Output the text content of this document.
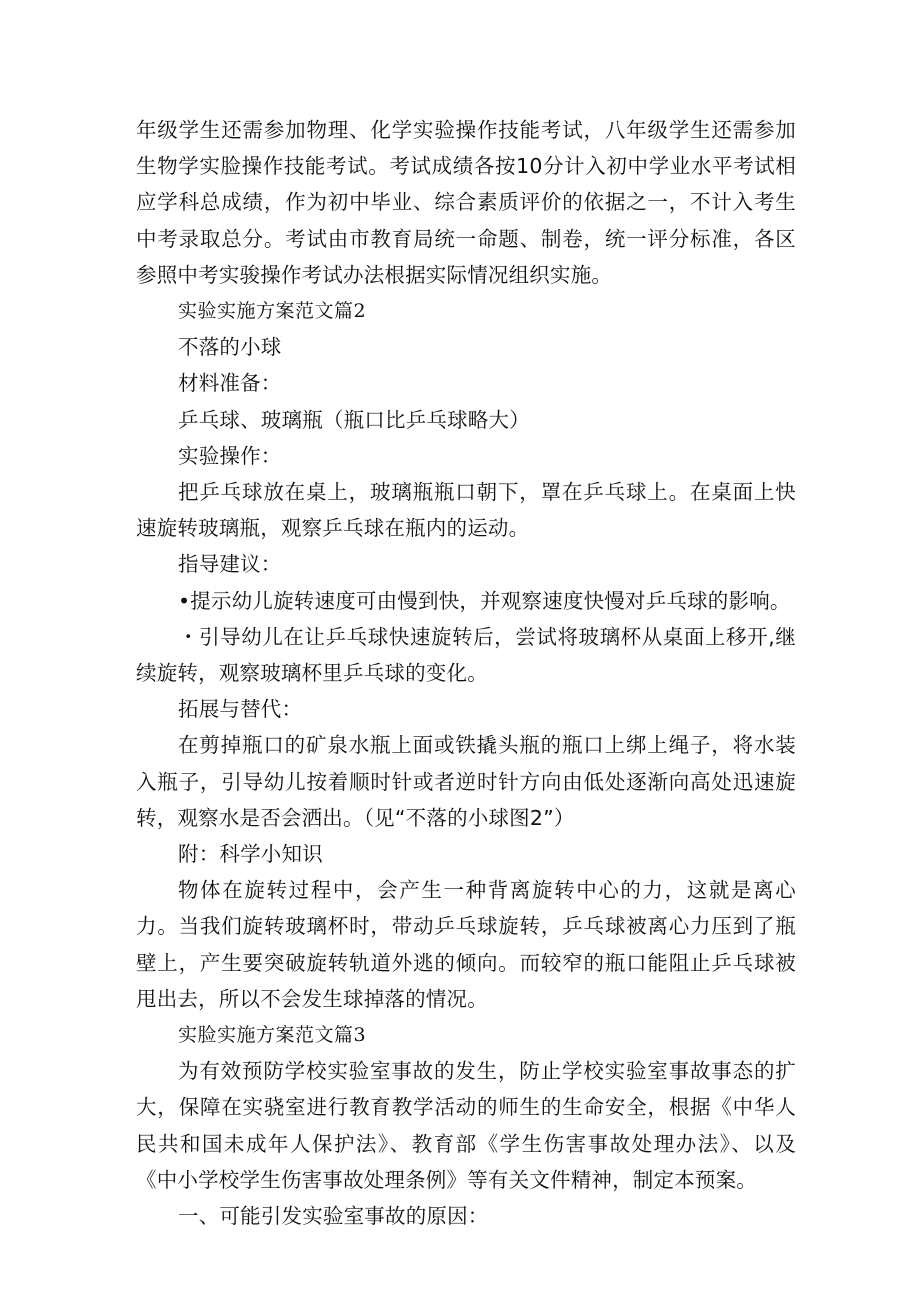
年级学生还需参加物理、化学实验操作技能考试，八年级学生还需参加生物学实脸操作技能考试。考试成绩各按10分计入初中学业水平考试相应学科总成绩，作为初中毕业、综合素质评价的依据之一，不计入考生中考录取总分。考试由市教育局统一命题、制卷，统一评分标准，各区参照中考实骏操作考试办法根据实际情况组织实施。

实验实施方案范文篇2

不落的小球

材料准备：

乒乓球、玻璃瓶（瓶口比乒乓球略大）

实验操作：

把乒乓球放在桌上，玻璃瓶瓶口朝下，罩在乒乓球上。在桌面上快速旋转玻璃瓶，观察乒乓球在瓶内的运动。

指导建议：

•提示幼儿旋转速度可由慢到快，并观察速度快慢对乒乓球的影响。

・引导幼儿在让乒乓球快速旋转后，尝试将玻璃杯从桌面上移开,继续旋转，观察玻璃杯里乒乓球的变化。

拓展与替代：

在剪掉瓶口的矿泉水瓶上面或铁撬头瓶的瓶口上绑上绳子，将水装入瓶子，引导幼儿按着顺时针或者逆时针方向由低处逐渐向高处迅速旋转，观察水是否会洒出。（见“不落的小球图2”）

附：科学小知识

物体在旋转过程中，会产生一种背离旋转中心的力，这就是离心力。当我们旋转玻璃杯时，带动乒乓球旋转，乒乓球被离心力压到了瓶壁上，产生要突破旋转轨道外逃的倾向。而较窄的瓶口能阻止乒乓球被甩出去，所以不会发生球掉落的情况。

实脸实施方案范文篇3

为有效预防学校实验室事故的发生，防止学校实验室事故事态的扩大，保障在实骁室进行教育教学活动的师生的生命安全，根据《中华人民共和国未成年人保护法》、教育部《学生伤害事故处理办法》、以及《中小学校学生伤害事故处理条例》等有关文件精神，制定本预案。

一、可能引发实验室事故的原因：
